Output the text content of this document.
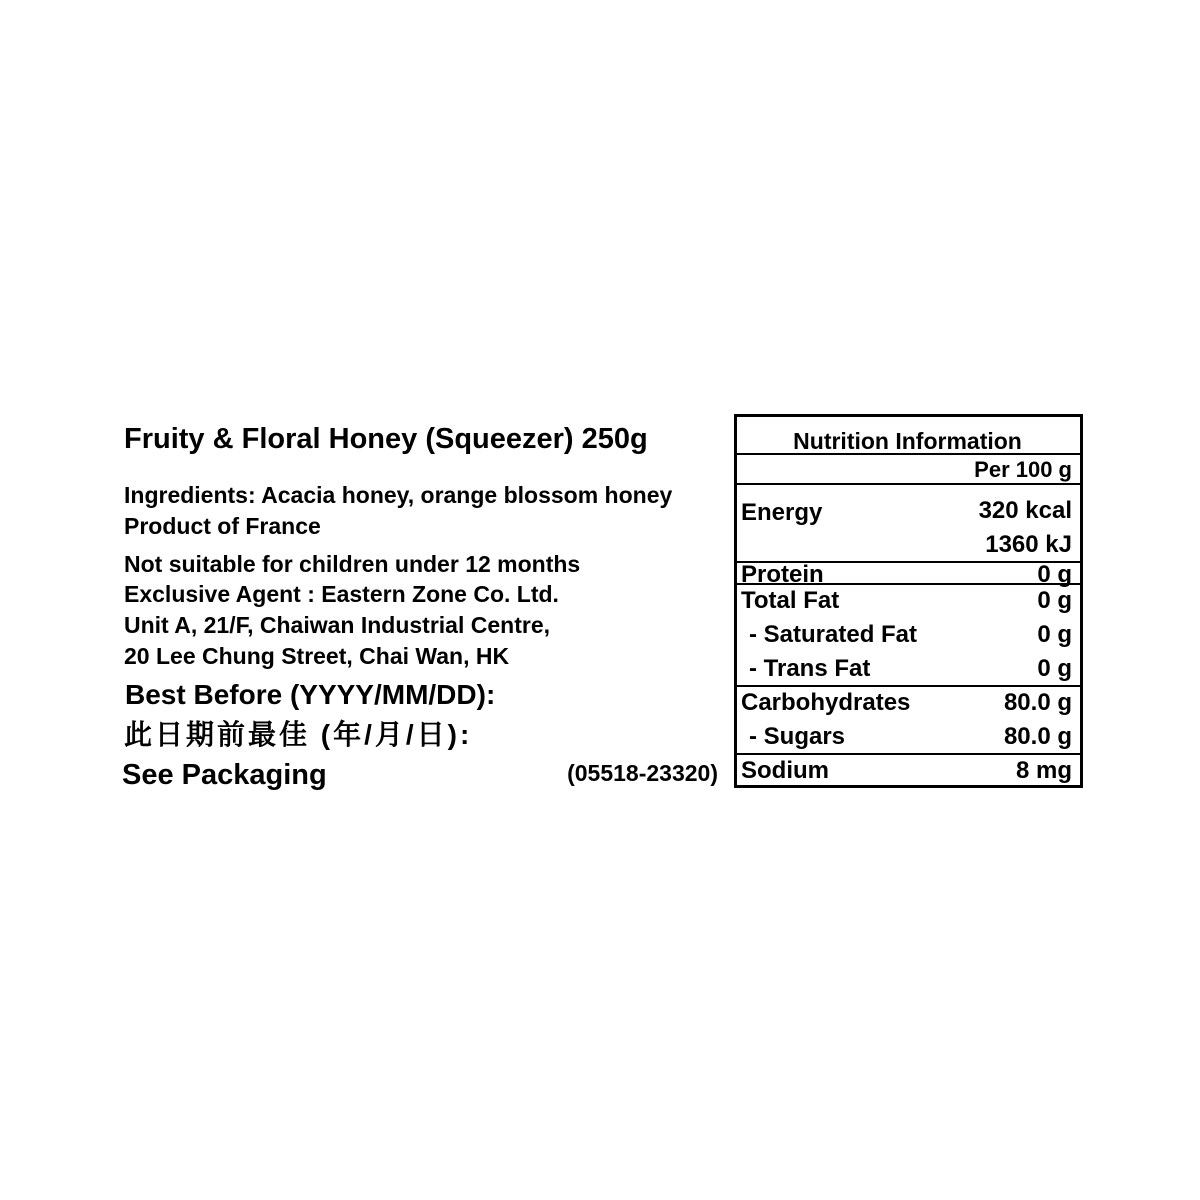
Fruity & Floral Honey (Squeezer) 250g
Ingredients: Acacia honey, orange blossom honey
Product of France
Not suitable for children under 12 months
Exclusive Agent : Eastern Zone Co. Ltd.
Unit A, 21/F, Chaiwan Industrial Centre,
20 Lee Chung Street, Chai Wan, HK
Best Before (YYYY/MM/DD):
此日期前最佳 (年/月/日):
See Packaging	(05518-23320)
Nutrition Information
Per 100 g
Energy	320 kcal
1360 kJ
Protein	0 g
Total Fat	0 g
- Saturated Fat	0 g
- Trans Fat	0 g
Carbohydrates	80.0 g
- Sugars	80.0 g
Sodium	8 mg
